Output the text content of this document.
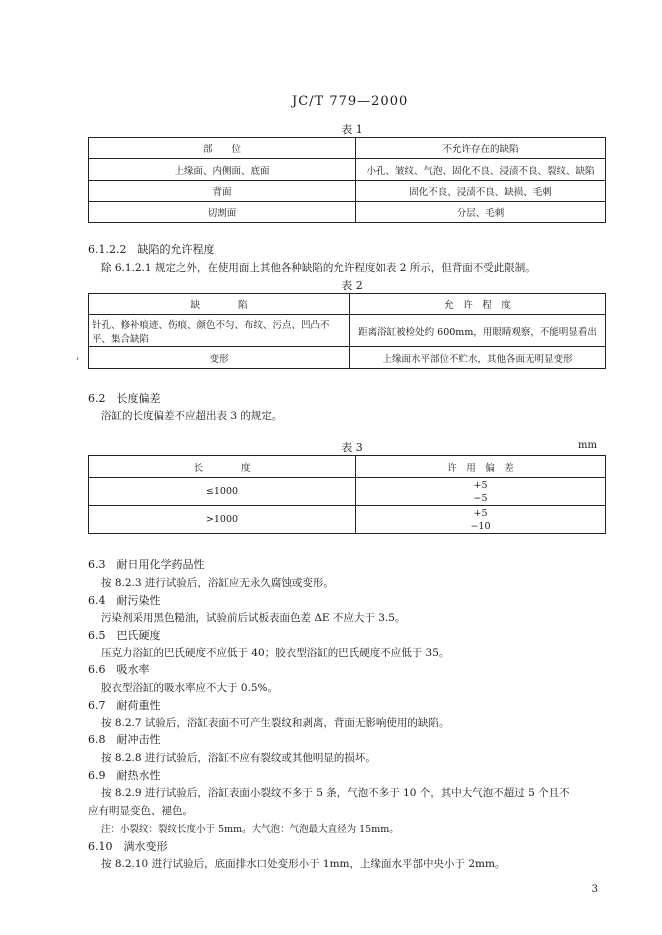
JC/T 779—2000
表 1
部　　位	不允许存在的缺陷
上缘面、内侧面、底面	小孔、皱纹、气泡、固化不良、浸渍不良、裂纹、缺陷
背面	固化不良、浸渍不良、缺损、毛刺
切割面	分层、毛刺
6.1.2.2　缺陷的允许程度
除 6.1.2.1 规定之外，在使用面上其他各种缺陷的允许程度如表 2 所示，但背面不受此限制。
表 2
缺　　　　陷	允　许　程　度
针孔、修补痕迹、伤痕、颜色不匀、布纹、污点、凹凸不平、集合缺陷	距离浴缸被检处约 600mm，用眼睛观察，不能明显看出
变形	上缘面水平部位不贮水，其他各面无明显变形
,
6.2　长度偏差
浴缸的长度偏差不应超出表 3 的规定。
表 3	mm
长　　　　度	许　用　偏　差
≤1000	+5
−5

>1000	+5
−10
6.3　耐日用化学药品性
按 8.2.3 进行试验后，浴缸应无永久腐蚀或变形。
6.4　耐污染性
污染剂采用黑色糙油，试验前后试板表面色差 ΔE 不应大于 3.5。
6.5　巴氏硬度
压克力浴缸的巴氏硬度不应低于 40；胶衣型浴缸的巴氏硬度不应低于 35。
6.6　吸水率
胶衣型浴缸的吸水率应不大于 0.5%。
6.7　耐荷重性
按 8.2.7 试验后，浴缸表面不可产生裂纹和剥离，背面无影响使用的缺陷。
6.8　耐冲击性
按 8.2.8 进行试验后，浴缸不应有裂纹或其他明显的损坏。
6.9　耐热水性
按 8.2.9 进行试验后，浴缸表面小裂纹不多于 5 条，气泡不多于 10 个，其中大气泡不超过 5 个且不
应有明显变色、褪色。
注：小裂纹：裂纹长度小于 5mm。大气泡：气泡最大直径为 15mm。
6.10　满水变形
按 8.2.10 进行试验后，底面排水口处变形小于 1mm，上缘面水平部中央小于 2mm。
3
